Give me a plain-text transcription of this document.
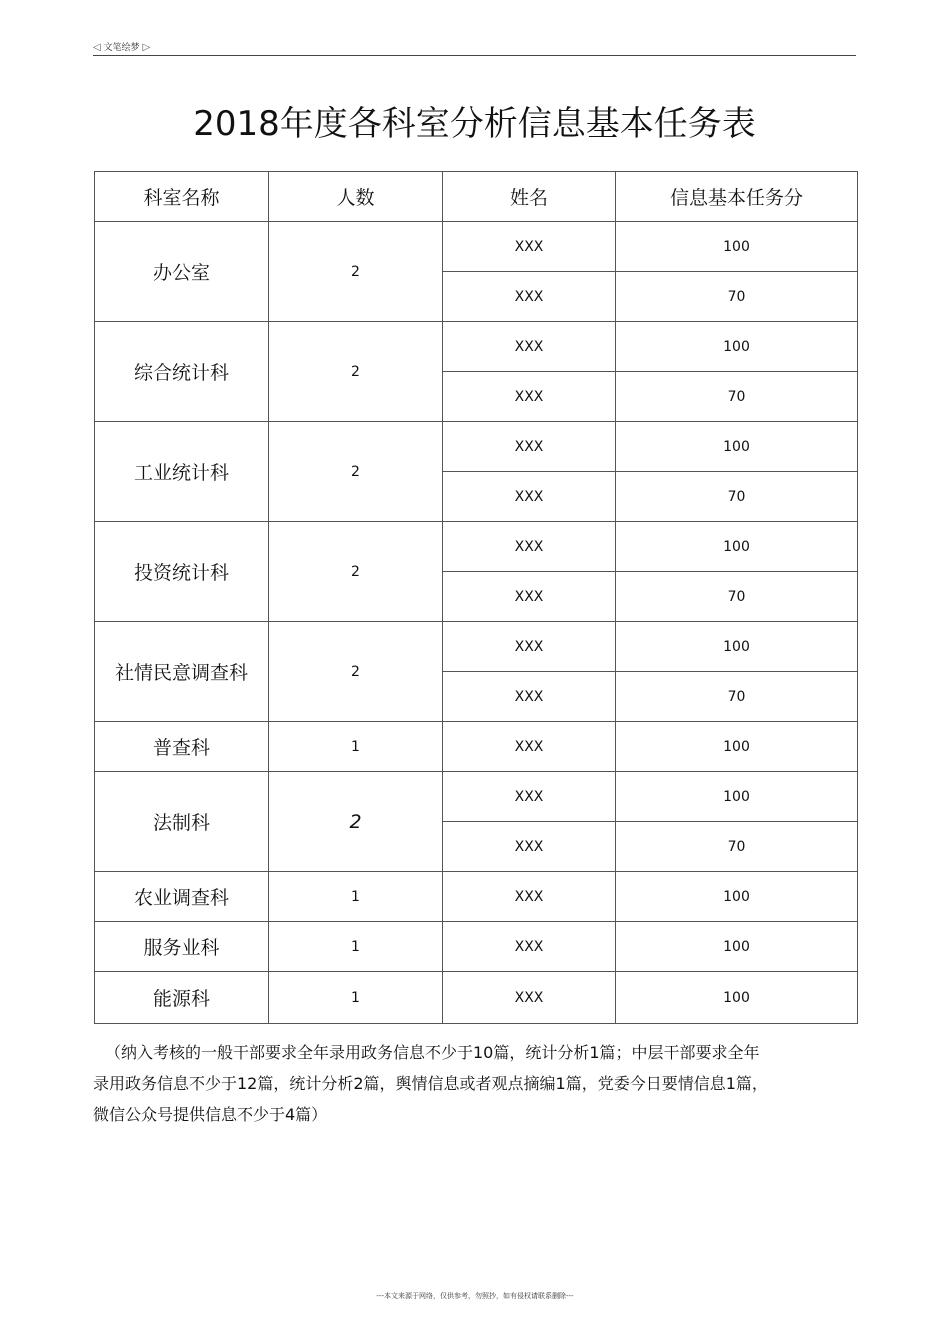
◁ 文笔绘梦 ▷
2018年度各科室分析信息基本任务表
科室名称	人数	姓名	信息基本任务分
办公室	2	XXX	100
		XXX	70
综合统计科	2	XXX	100
		XXX	70
工业统计科	2	XXX	100
		XXX	70
投资统计科	2	XXX	100
		XXX	70
社情民意调查科	2	XXX	100
		XXX	70
普查科	1	XXX	100
法制科	2	XXX	100
		XXX	70
农业调查科	1	XXX	100
服务业科	1	XXX	100
能源科	1	XXX	100
（纳入考核的一般干部要求全年录用政务信息不少于10篇，统计分析1篇；中层干部要求全年
录用政务信息不少于12篇，统计分析2篇，舆情信息或者观点摘编1篇，党委今日要情信息1篇，
微信公众号提供信息不少于4篇）
---本文来源于网络，仅供参考，勿照抄，如有侵权请联系删除---
